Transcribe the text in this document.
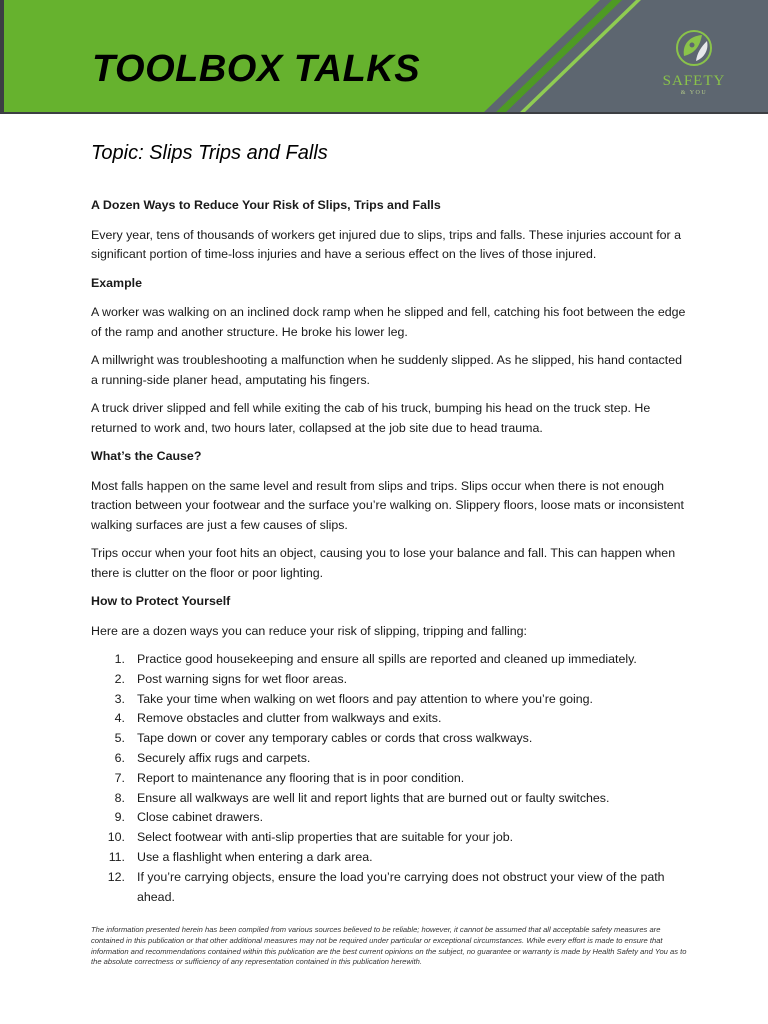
TOOLBOX TALKS	SAFETY
& YOU
Topic: Slips Trips and Falls
A Dozen Ways to Reduce Your Risk of Slips, Trips and Falls

Every year, tens of thousands of workers get injured due to slips, trips and falls. These injuries account for a significant portion of time-loss injuries and have a serious effect on the lives of those injured.

Example

A worker was walking on an inclined dock ramp when he slipped and fell, catching his foot between the edge of the ramp and another structure. He broke his lower leg.

A millwright was troubleshooting a malfunction when he suddenly slipped. As he slipped, his hand contacted a running-side planer head, amputating his fingers.

A truck driver slipped and fell while exiting the cab of his truck, bumping his head on the truck step. He returned to work and, two hours later, collapsed at the job site due to head trauma.

What’s the Cause?

Most falls happen on the same level and result from slips and trips. Slips occur when there is not enough traction between your footwear and the surface you’re walking on. Slippery floors, loose mats or inconsistent walking surfaces are just a few causes of slips.

Trips occur when your foot hits an object, causing you to lose your balance and fall. This can happen when there is clutter on the floor or poor lighting.

How to Protect Yourself

Here are a dozen ways you can reduce your risk of slipping, tripping and falling:

1. Practice good housekeeping and ensure all spills are reported and cleaned up immediately.
2. Post warning signs for wet floor areas.
3. Take your time when walking on wet floors and pay attention to where you’re going.
4. Remove obstacles and clutter from walkways and exits.
5. Tape down or cover any temporary cables or cords that cross walkways.
6. Securely affix rugs and carpets.
7. Report to maintenance any flooring that is in poor condition.
8. Ensure all walkways are well lit and report lights that are burned out or faulty switches.
9. Close cabinet drawers.
10. Select footwear with anti-slip properties that are suitable for your job.
11. Use a flashlight when entering a dark area.
12. If you’re carrying objects, ensure the load you’re carrying does not obstruct your view of the path ahead.

The information presented herein has been compiled from various sources believed to be reliable; however, it cannot be assumed that all acceptable safety measures are contained in this publication or that other additional measures may not be required under particular or exceptional circumstances. While every effort is made to ensure that information and recommendations contained within this publication are the best current opinions on the subject, no guarantee or warranty is made by Health Safety and You as to the absolute correctness or sufficiency of any representation contained in this publication herewith.
